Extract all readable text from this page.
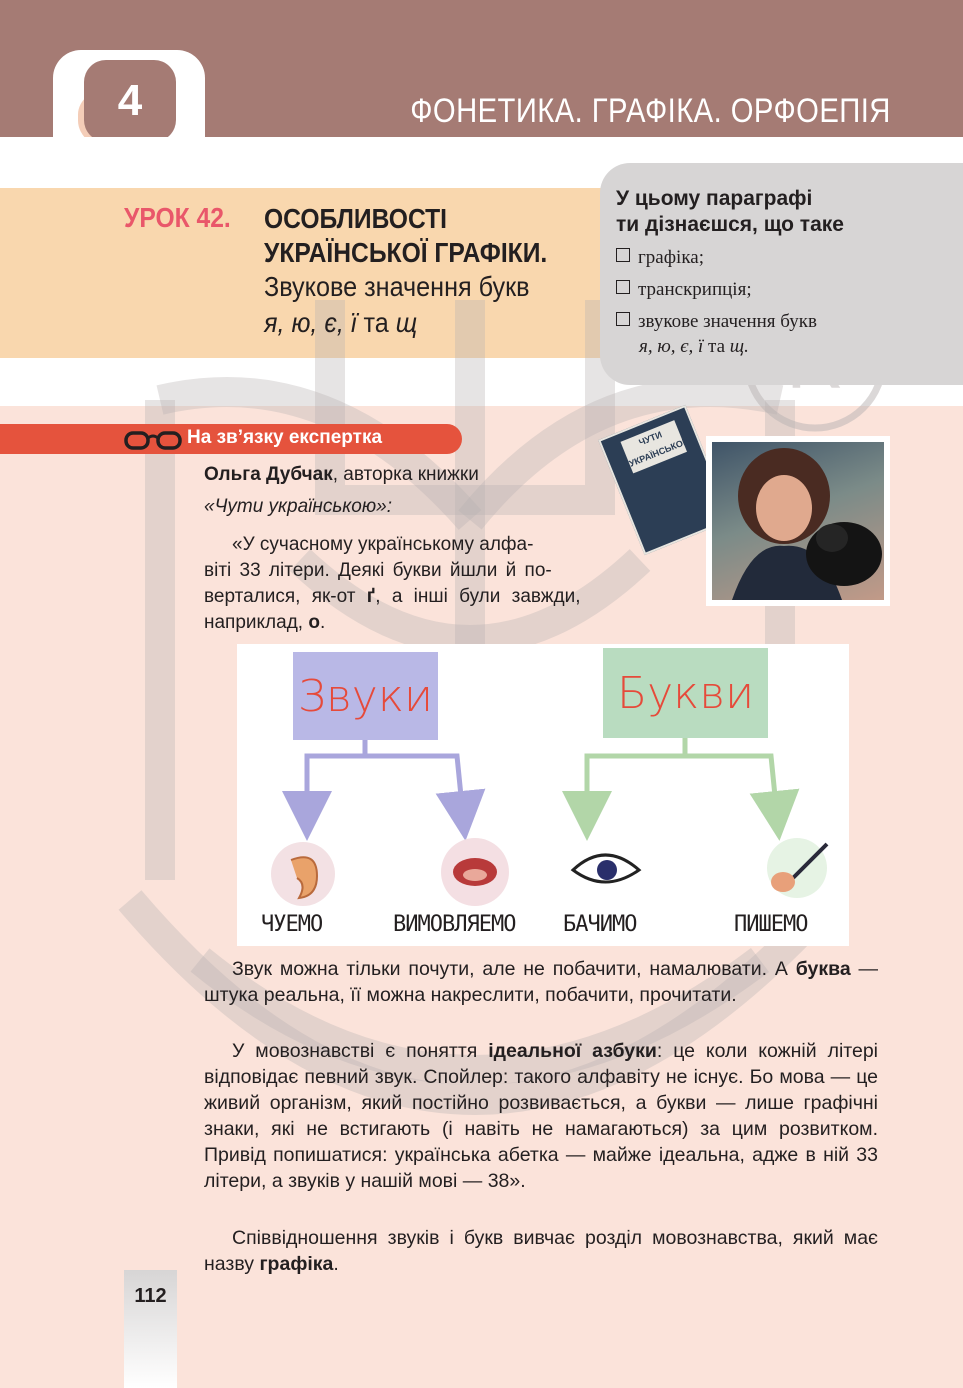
4	ФОНЕТИКА. ГРАФІКА. ОРФОЕПІЯ
УРОК 42. ОСОБЛИВОСТІ
УКРАЇНСЬКОЇ ГРАФІКИ.
Звукове значення букв
я, ю, є, ї та щ
У цьому параграфі
ти дізнаєшся, що таке
графіка;
транскрипція;
звукове значення букв
я, ю, є, ї та щ.
На зв’язку експертка
Ольга Дубчак, авторка книжки
«Чути українською»:
«У сучасному українському алфа-
віті 33 літери. Деякі букви йшли й по-
верталися, як-от ґ, а інші були завжди,
наприклад, о.
ЧУТИ УКРАЇНСЬКОЮ
Звуки	Букви
ЧУЕМО	ВИМОВЛЯЕМО БАЧИМО	ПИШЕМО
Звук можна тільки почути, але не побачити, намалювати. А буква — штука реальна, її можна накреслити, побачити, прочитати.
У мовознавстві є поняття ідеальної азбуки: це коли кожній літері відповідає певний звук. Спойлер: такого алфавіту не існує. Бо мова — це живий організм, який постійно розвивається, а букви — лише графічні знаки, які не встигають (і навіть не намагаються) за цим розвитком. Привід попишатися: українська абетка — майже ідеальна, адже в ній 33 літери, а звуків у нашій мові — 38».
Співвідношення звуків і букв вивчає розділ мовознавства, який має назву графіка.
112
